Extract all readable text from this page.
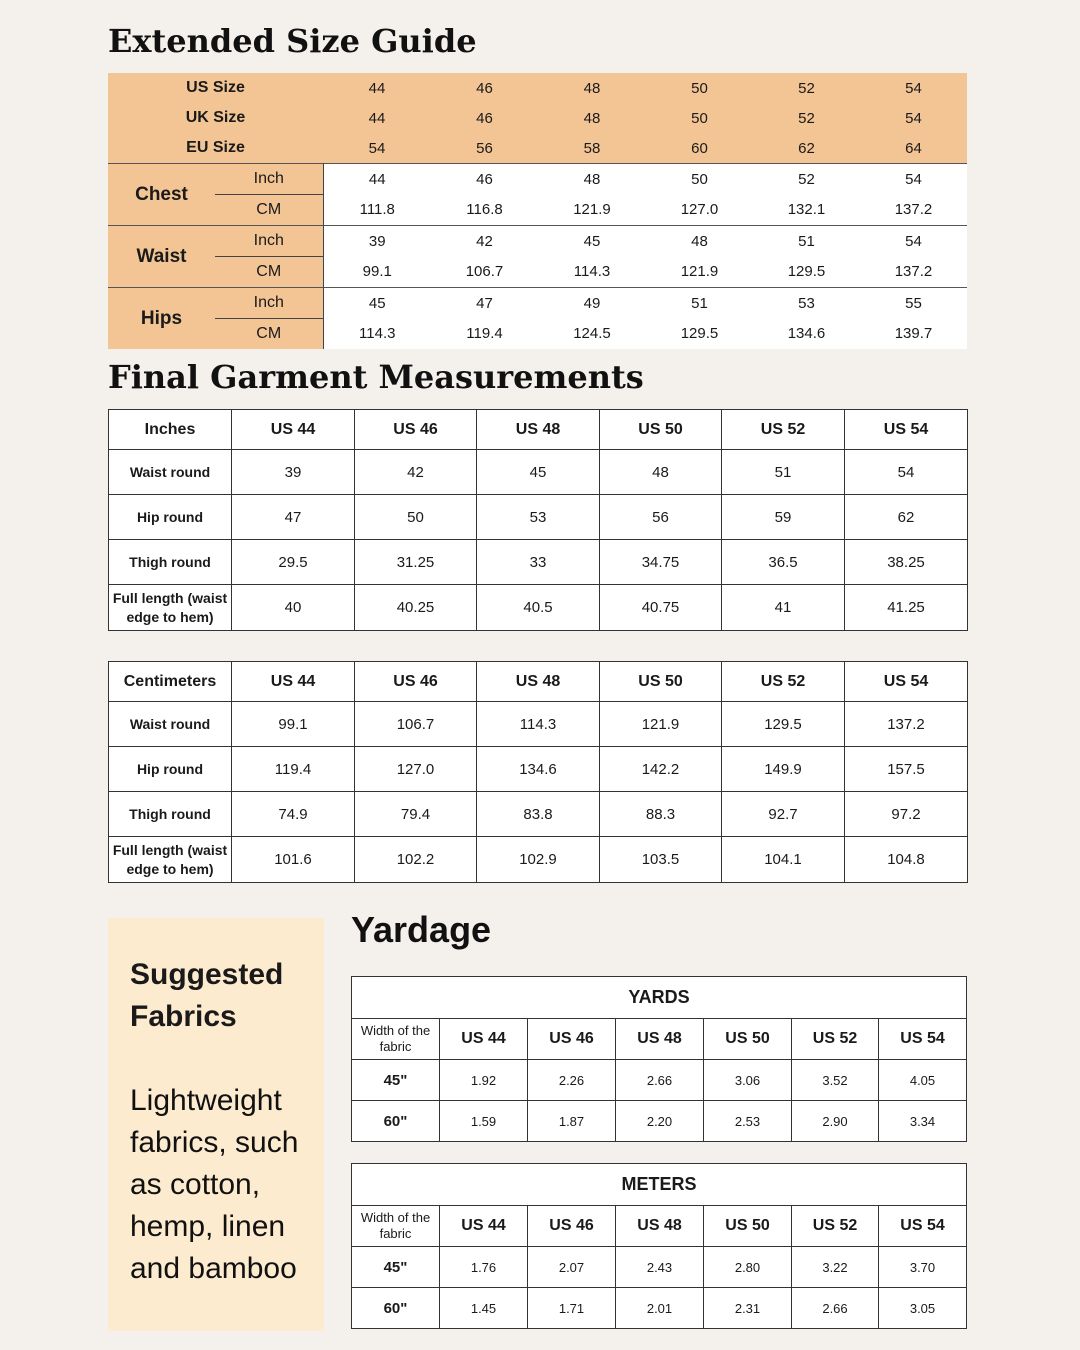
Extended Size Guide
US Size		44	46	48	50	52	54
UK Size		44	46	48	50	52	54
EU Size		54	56	58	60	62	64
Chest	Inch	44	46	48	50	52	54
	CM	111.8	116.8	121.9	127.0	132.1	137.2
Waist	Inch	39	42	45	48	51	54
	CM	99.1	106.7	114.3	121.9	129.5	137.2
Hips	Inch	45	47	49	51	53	55
	CM	114.3	119.4	124.5	129.5	134.6	139.7
Final Garment Measurements
Inches	US 44	US 46	US 48	US 50	US 52	US 54
Waist round	39	42	45	48	51	54
Hip round	47	50	53	56	59	62
Thigh round	29.5	31.25	33	34.75	36.5	38.25
Full length (waist edge to hem)	40	40.25	40.5	40.75	41	41.25
Centimeters	US 44	US 46	US 48	US 50	US 52	US 54
Waist round	99.1	106.7	114.3	121.9	129.5	137.2
Hip round	119.4	127.0	134.6	142.2	149.9	157.5
Thigh round	74.9	79.4	83.8	88.3	92.7	97.2
Full length (waist edge to hem)	101.6	102.2	102.9	103.5	104.1	104.8
Suggested Fabrics
Lightweight fabrics, such as cotton, hemp, linen and bamboo
Yardage
YARDS						
Width of the fabric	US 44	US 46	US 48	US 50	US 52	US 54
45"	1.92	2.26	2.66	3.06	3.52	4.05
60"	1.59	1.87	2.20	2.53	2.90	3.34
METERS						
Width of the fabric	US 44	US 46	US 48	US 50	US 52	US 54
45"	1.76	2.07	2.43	2.80	3.22	3.70
60"	1.45	1.71	2.01	2.31	2.66	3.05
